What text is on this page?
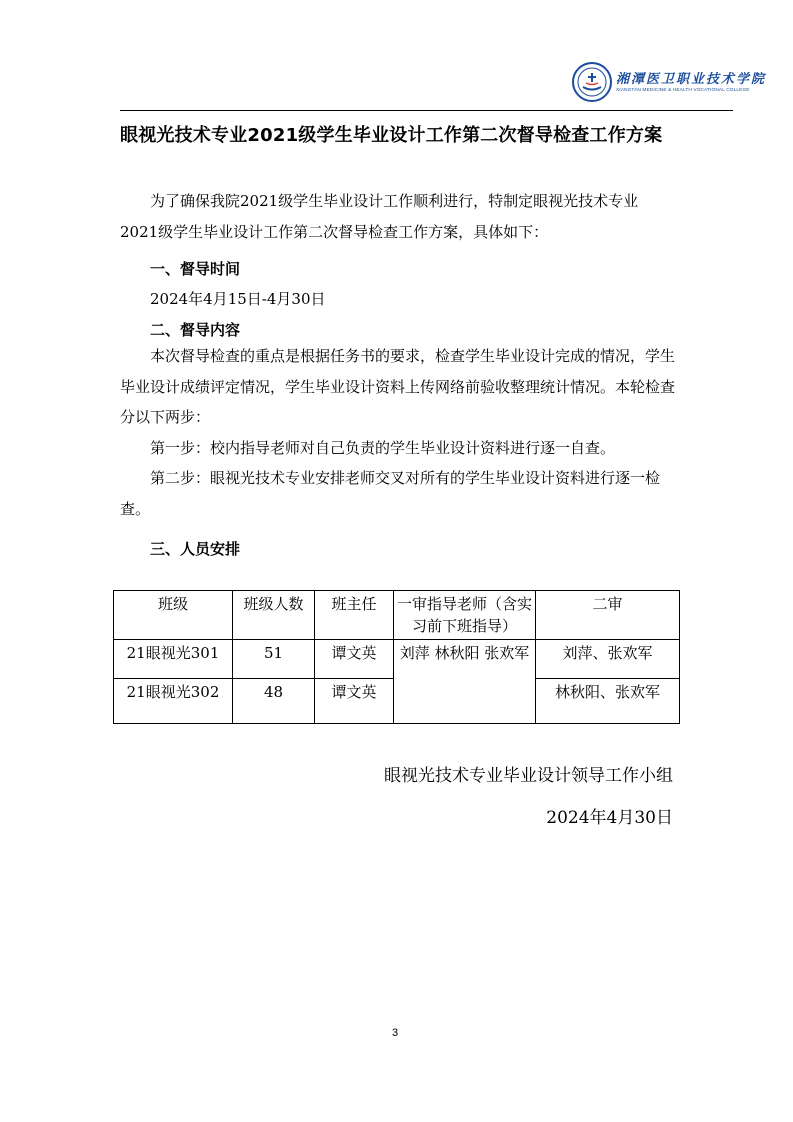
湘潭医卫职业技术学院
XIANGTAN MEDICINE & HEALTH VOCATIONAL COLLEGE
眼视光技术专业2021级学生毕业设计工作第二次督导检查工作方案
为了确保我院2021级学生毕业设计工作顺利进行，特制定眼视光技术专业2021级学生毕业设计工作第二次督导检查工作方案，具体如下：
一、督导时间
2024年4月15日-4月30日
二、督导内容
本次督导检查的重点是根据任务书的要求，检查学生毕业设计完成的情况，学生毕业设计成绩评定情况，学生毕业设计资料上传网络前验收整理统计情况。本轮检查分以下两步：
第一步：校内指导老师对自己负责的学生毕业设计资料进行逐一自查。
第二步：眼视光技术专业安排老师交叉对所有的学生毕业设计资料进行逐一检查。
三、人员安排
班级	班级人数	班主任	一审指导老师（含实习前下班指导）	二审
21眼视光301	51	谭文英	刘萍 林秋阳 张欢军	刘萍、张欢军
21眼视光302	48	谭文英		林秋阳、张欢军
眼视光技术专业毕业设计领导工作小组
2024年4月30日
3
